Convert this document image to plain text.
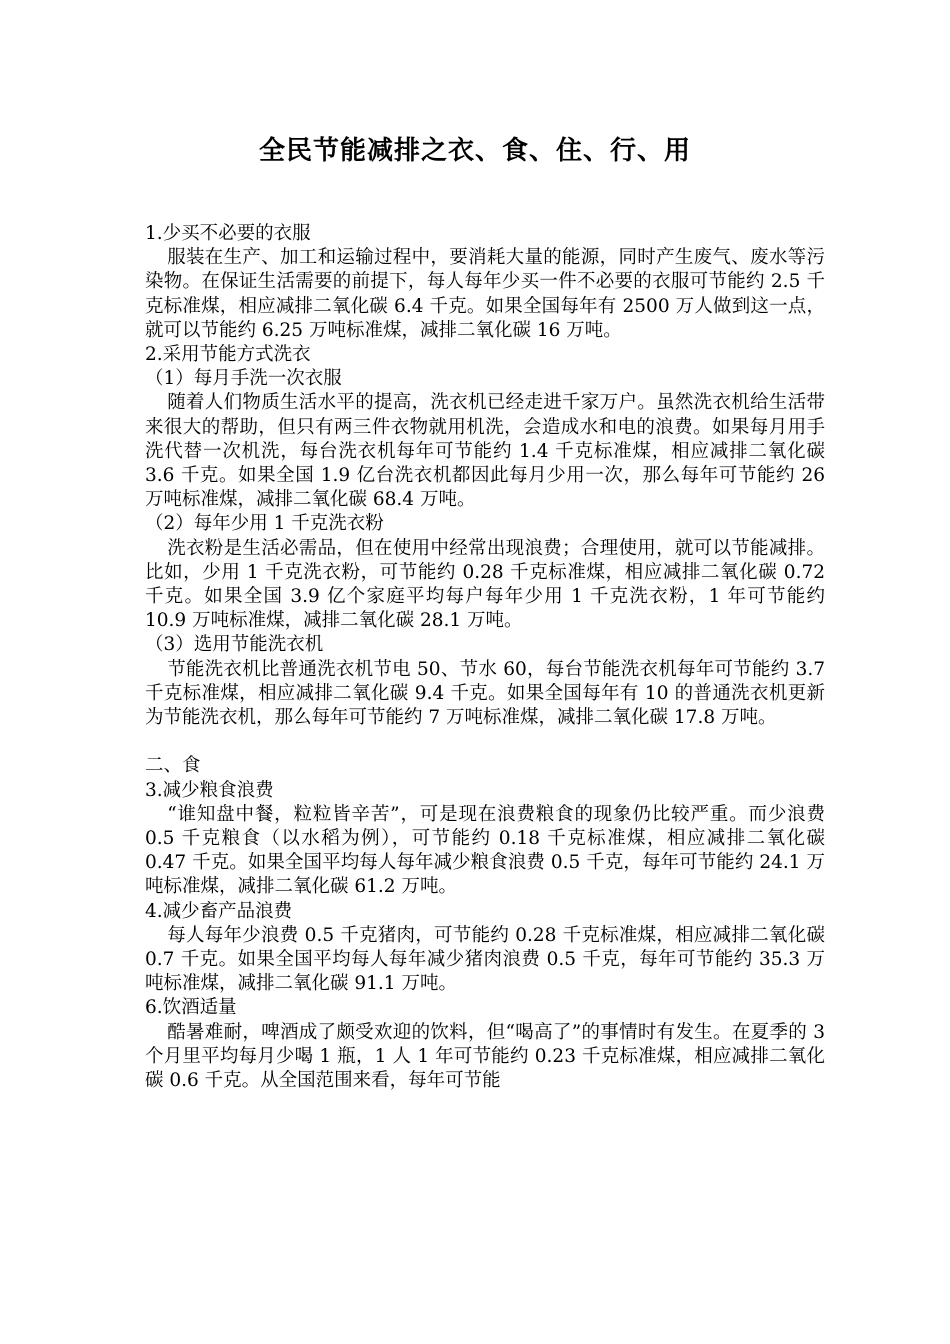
全民节能减排之衣、食、住、行、用

1.少买不必要的衣服

服装在生产、加工和运输过程中，要消耗大量的能源，同时产生废气、废水等污染物。在保证生活需要的前提下，每人每年少买一件不必要的衣服可节能约 2.5 千克标准煤，相应减排二氧化碳 6.4 千克。如果全国每年有 2500 万人做到这一点，就可以节能约 6.25 万吨标准煤，减排二氧化碳 16 万吨。

2.采用节能方式洗衣

（1）每月手洗一次衣服

随着人们物质生活水平的提高，洗衣机已经走进千家万户。虽然洗衣机给生活带来很大的帮助，但只有两三件衣物就用机洗，会造成水和电的浪费。如果每月用手洗代替一次机洗，每台洗衣机每年可节能约 1.4 千克标准煤，相应减排二氧化碳 3.6 千克。如果全国 1.9 亿台洗衣机都因此每月少用一次，那么每年可节能约 26 万吨标准煤，减排二氧化碳 68.4 万吨。

（2）每年少用 1 千克洗衣粉

洗衣粉是生活必需品，但在使用中经常出现浪费；合理使用，就可以节能减排。比如，少用 1 千克洗衣粉，可节能约 0.28 千克标准煤，相应减排二氧化碳 0.72 千克。如果全国 3.9 亿个家庭平均每户每年少用 1 千克洗衣粉，1 年可节能约 10.9 万吨标准煤，减排二氧化碳 28.1 万吨。

（3）选用节能洗衣机

节能洗衣机比普通洗衣机节电 50、节水 60，每台节能洗衣机每年可节能约 3.7 千克标准煤，相应减排二氧化碳 9.4 千克。如果全国每年有 10 的普通洗衣机更新为节能洗衣机，那么每年可节能约 7 万吨标准煤，减排二氧化碳 17.8 万吨。

二、食

3.减少粮食浪费

“谁知盘中餐，粒粒皆辛苦”，可是现在浪费粮食的现象仍比较严重。而少浪费 0.5 千克粮食（以水稻为例），可节能约 0.18 千克标准煤，相应减排二氧化碳 0.47 千克。如果全国平均每人每年减少粮食浪费 0.5 千克，每年可节能约 24.1 万吨标准煤，减排二氧化碳 61.2 万吨。

4.减少畜产品浪费

每人每年少浪费 0.5 千克猪肉，可节能约 0.28 千克标准煤，相应减排二氧化碳 0.7 千克。如果全国平均每人每年减少猪肉浪费 0.5 千克，每年可节能约 35.3 万吨标准煤，减排二氧化碳 91.1 万吨。

6.饮酒适量

酷暑难耐，啤酒成了颇受欢迎的饮料，但“喝高了”的事情时有发生。在夏季的 3 个月里平均每月少喝 1 瓶，1 人 1 年可节能约 0.23 千克标准煤，相应减排二氧化碳 0.6 千克。从全国范围来看，每年可节能
